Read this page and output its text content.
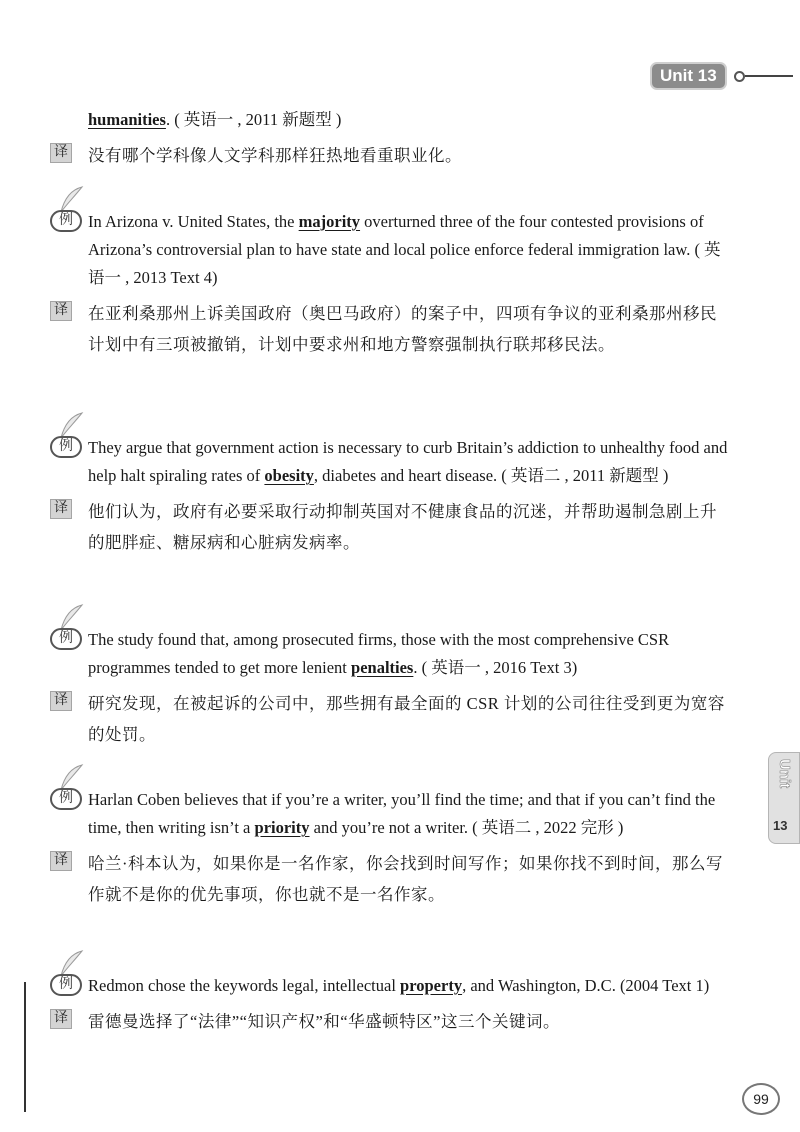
Unit 13
humanities. ( 英语一 , 2011 新题型 )
译 没有哪个学科像人文学科那样狂热地看重职业化。
例 In Arizona v. United States, the majority overturned three of the four contested provisions of Arizona’s controversial plan to have state and local police enforce federal immigration law. ( 英语一 , 2013 Text 4)
译 在亚利桑那州上诉美国政府（奥巴马政府）的案子中，四项有争议的亚利桑那州移民计划中有三项被撤销，计划中要求州和地方警察强制执行联邦移民法。
例 They argue that government action is necessary to curb Britain’s addiction to unhealthy food and help halt spiraling rates of obesity, diabetes and heart disease. ( 英语二 , 2011 新题型 )
译 他们认为，政府有必要采取行动抑制英国对不健康食品的沉迷，并帮助遏制急剧上升的肥胖症、糖尿病和心脏病发病率。
例 The study found that, among prosecuted firms, those with the most comprehensive CSR programmes tended to get more lenient penalties. ( 英语一 , 2016 Text 3)
译 研究发现，在被起诉的公司中，那些拥有最全面的 CSR 计划的公司往往受到更为宽容的处罚。
例 Harlan Coben believes that if you’re a writer, you’ll find the time; and that if you can’t find the time, then writing isn’t a priority and you’re not a writer. ( 英语二 , 2022 完形 )
译 哈兰·科本认为，如果你是一名作家，你会找到时间写作；如果你找不到时间，那么写作就不是你的优先事项，你也就不是一名作家。
例 Redmon chose the keywords legal, intellectual property, and Washington, D.C. (2004 Text 1)
译 雷德曼选择了“法律”“知识产权”和“华盛顿特区”这三个关键词。
Unit
13
99
